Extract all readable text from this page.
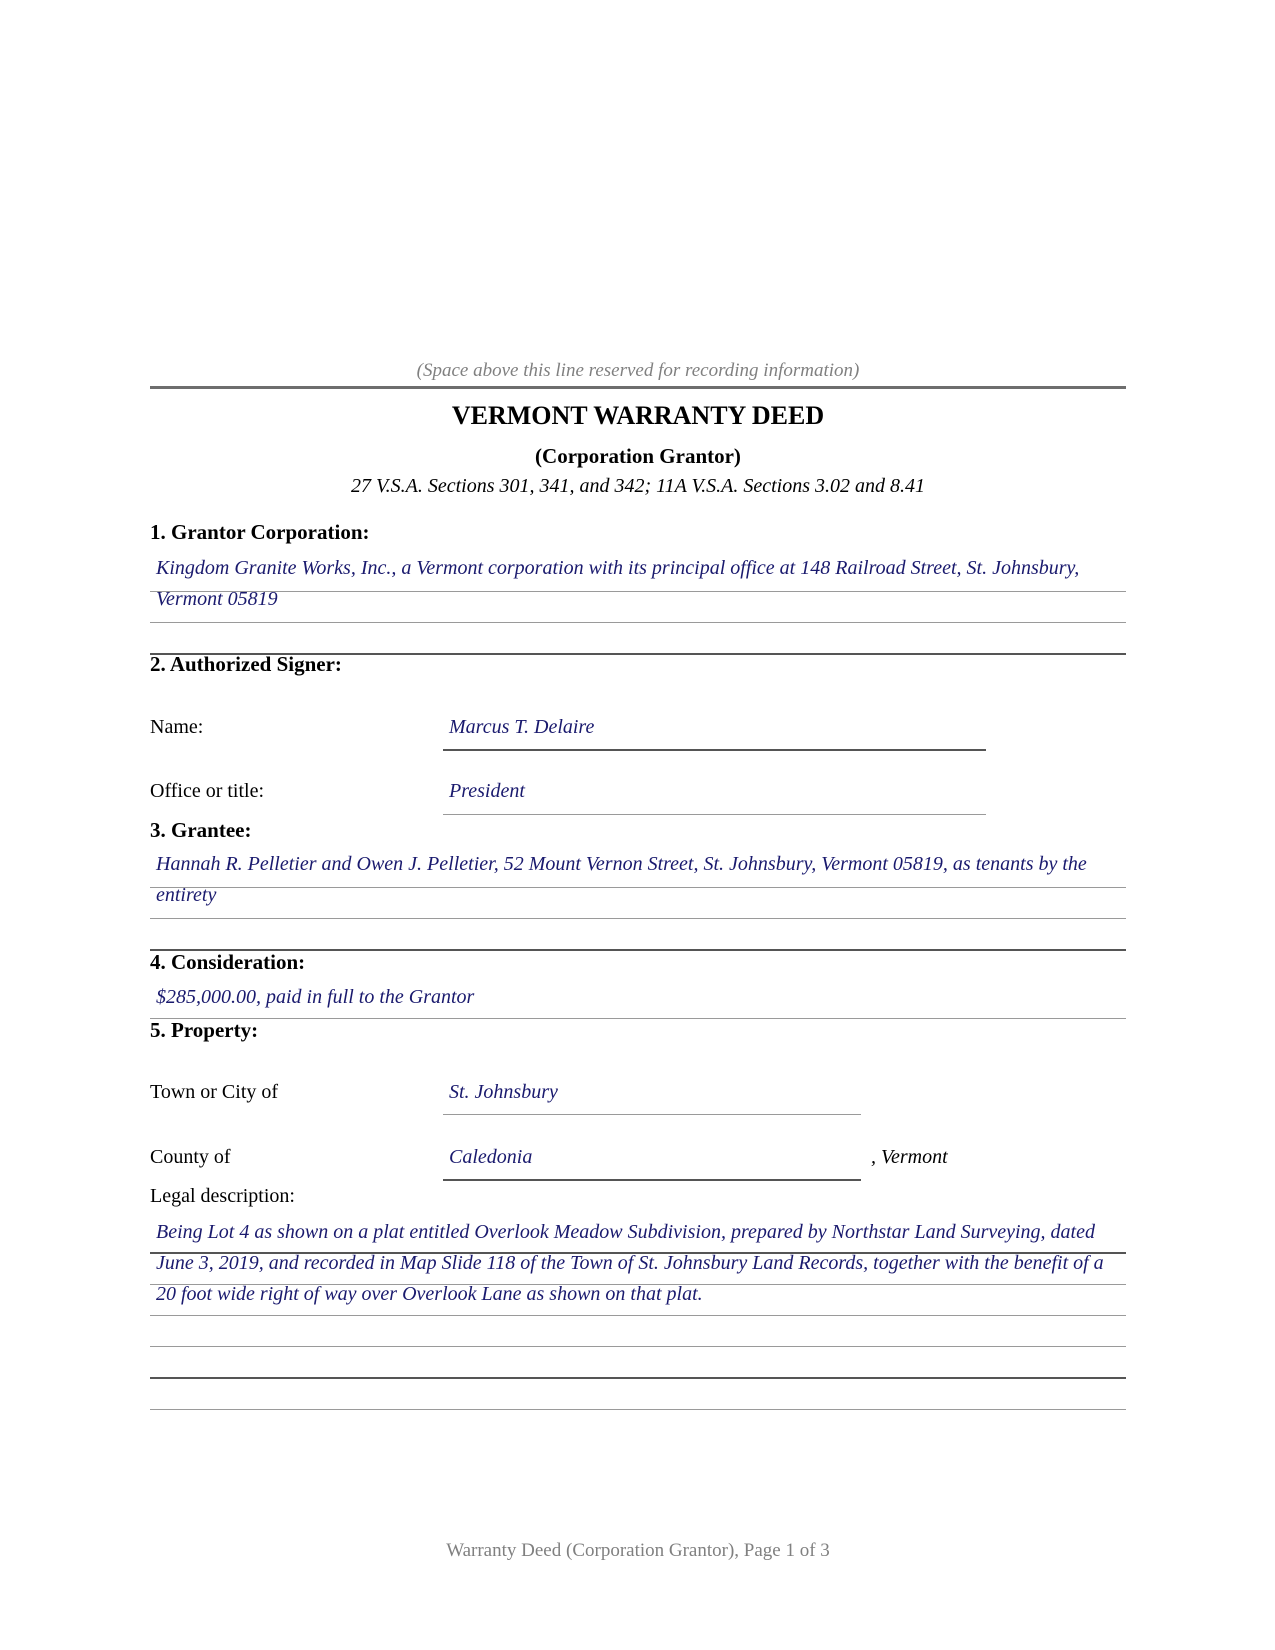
(Space above this line reserved for recording information)
VERMONT WARRANTY DEED
(Corporation Grantor)
27 V.S.A. Sections 301, 341, and 342; 11A V.S.A. Sections 3.02 and 8.41
1. Grantor Corporation:
Kingdom Granite Works, Inc., a Vermont corporation with its principal office at 148 Railroad Street, St. Johnsbury, Vermont 05819
2. Authorized Signer:
Name:	Marcus T. Delaire
Office or title:	President
3. Grantee:
Hannah R. Pelletier and Owen J. Pelletier, 52 Mount Vernon Street, St. Johnsbury, Vermont 05819, as tenants by the entirety
4. Consideration:
$285,000.00, paid in full to the Grantor
5. Property:
Town or City of	St. Johnsbury
County of	Caledonia	, Vermont
Legal description:
Being Lot 4 as shown on a plat entitled Overlook Meadow Subdivision, prepared by Northstar Land Surveying, dated June 3, 2019, and recorded in Map Slide 118 of the Town of St. Johnsbury Land Records, together with the benefit of a 20 foot wide right of way over Overlook Lane as shown on that plat.
Warranty Deed (Corporation Grantor), Page 1 of 3
